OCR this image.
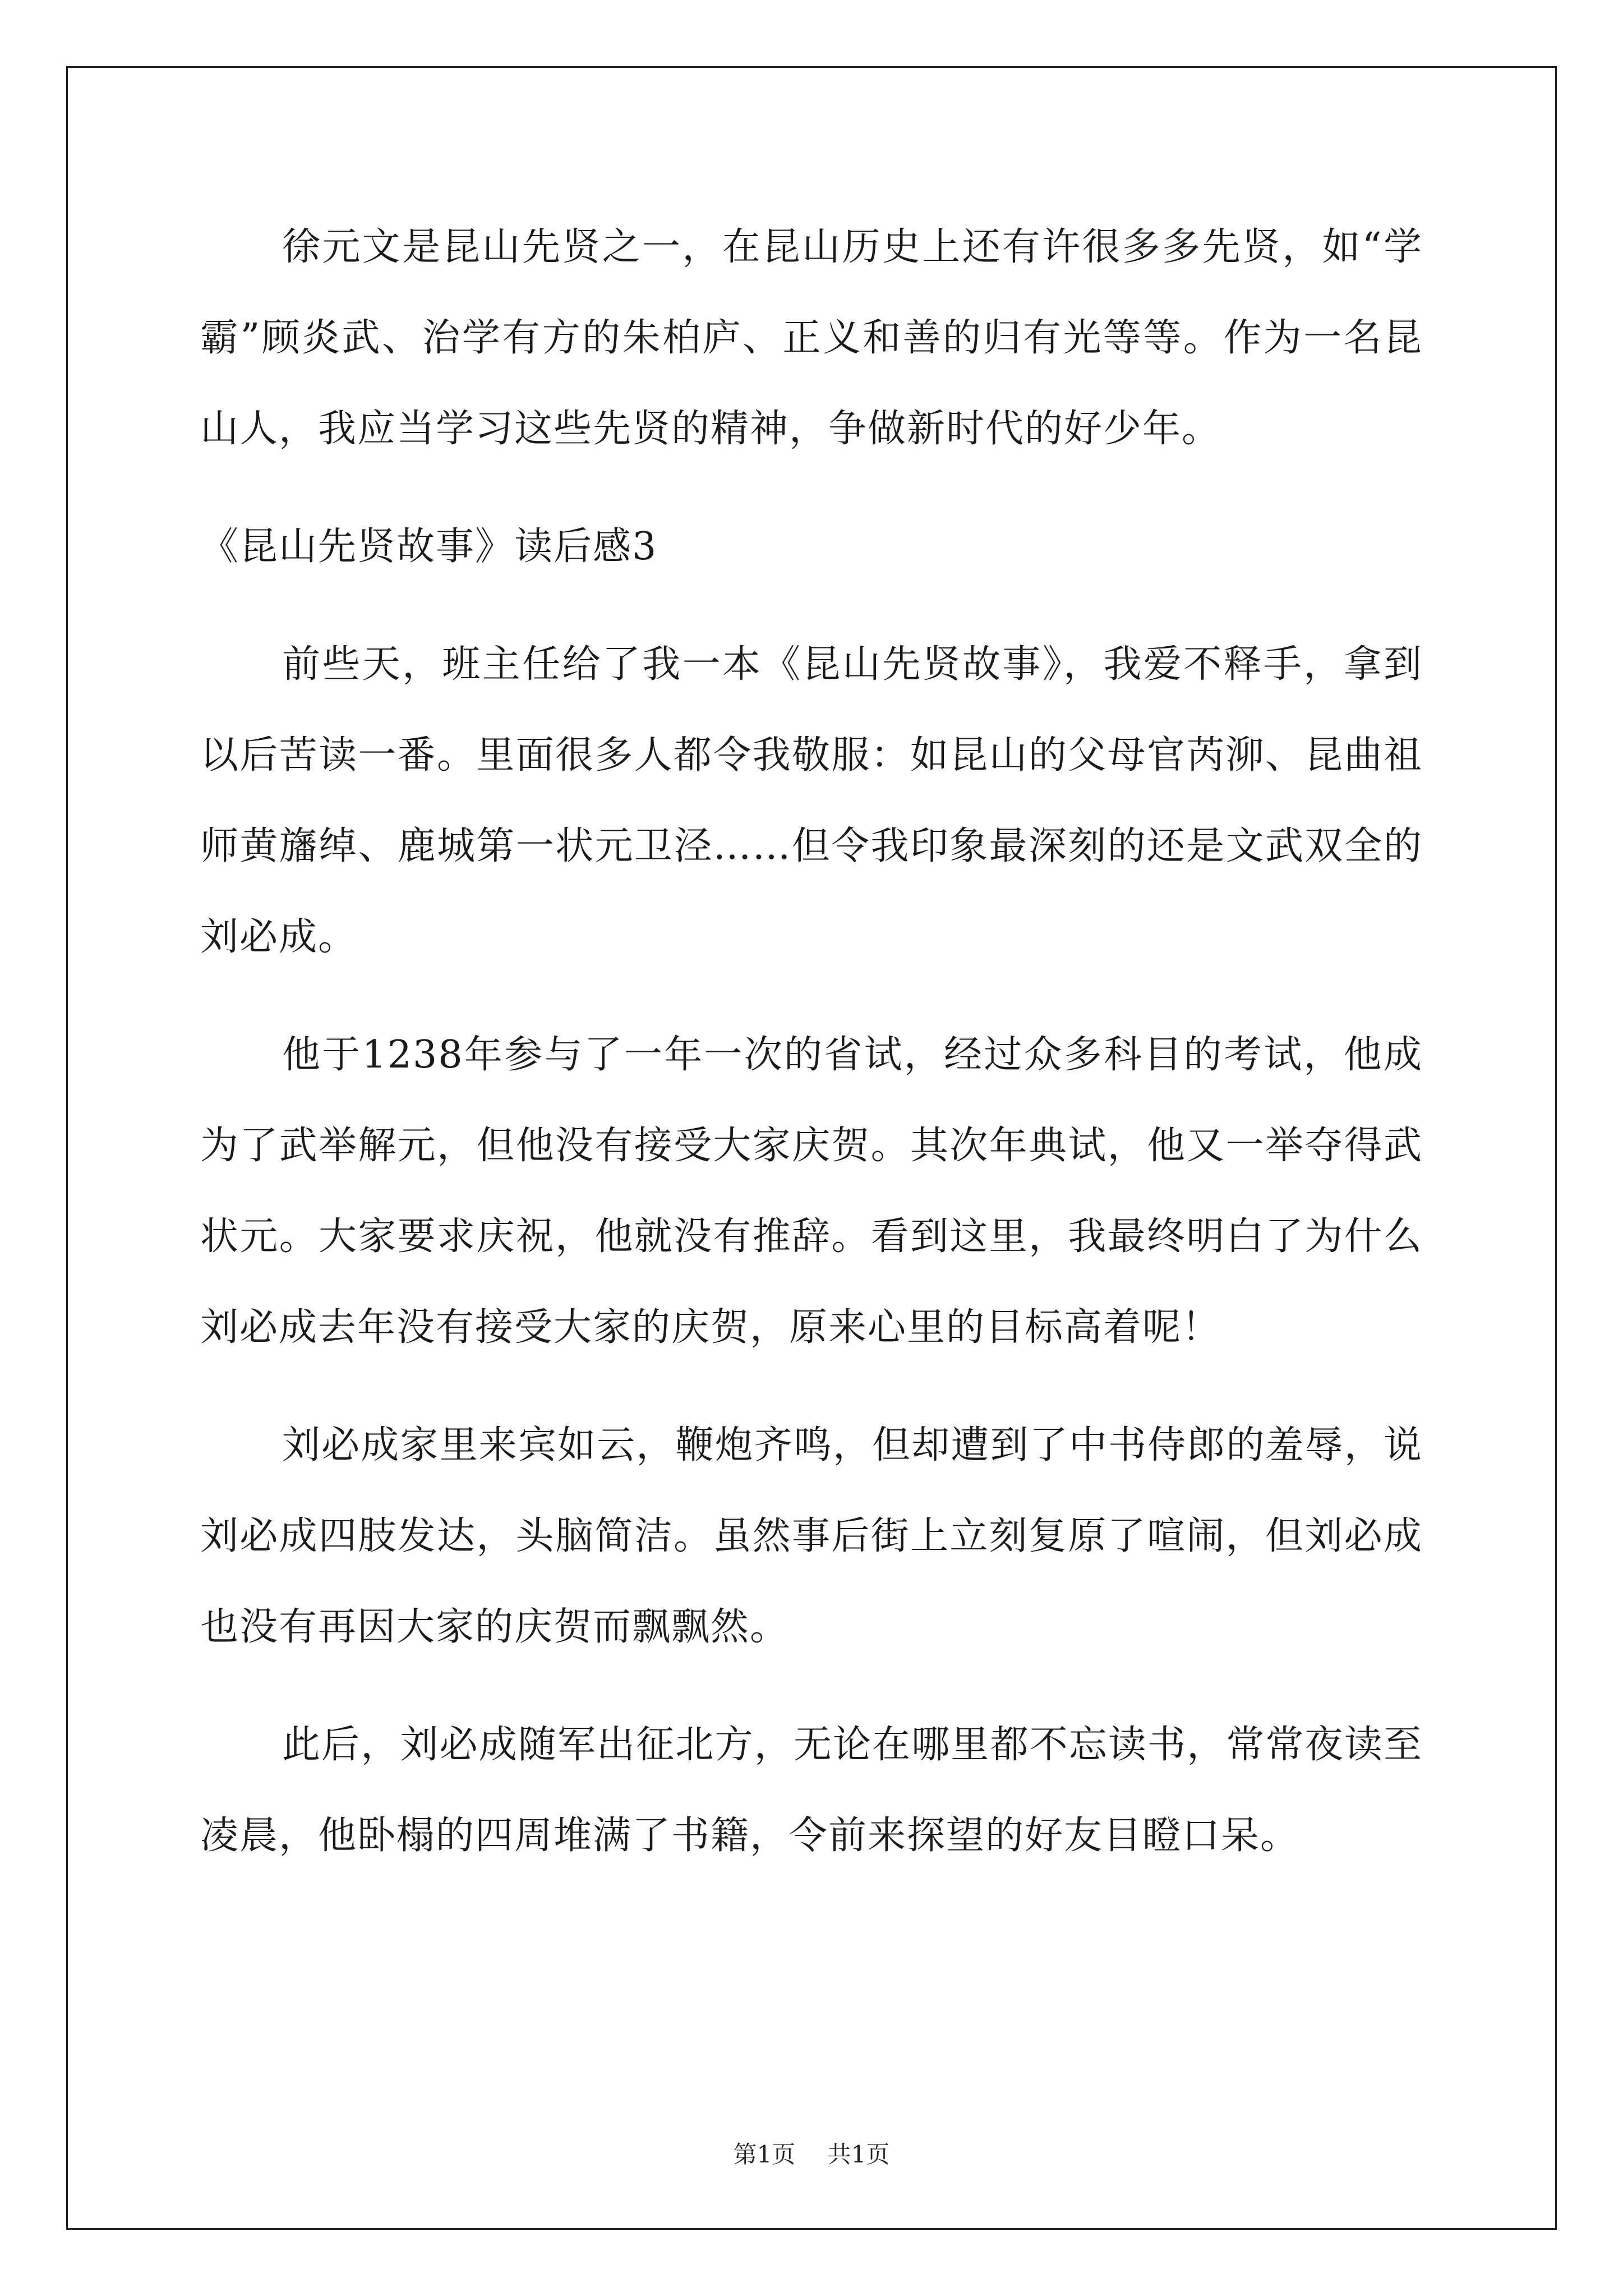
徐元文是昆山先贤之一，在昆山历史上还有许很多多先贤，如“学霸”顾炎武、治学有方的朱柏庐、正义和善的归有光等等。作为一名昆山人，我应当学习这些先贤的精神，争做新时代的好少年。

《昆山先贤故事》读后感3

前些天，班主任给了我一本《昆山先贤故事》，我爱不释手，拿到以后苦读一番。里面很多人都令我敬服：如昆山的父母官芮泖、昆曲祖师黄旛绰、鹿城第一状元卫泾……但令我印象最深刻的还是文武双全的刘必成。

他于1238年参与了一年一次的省试，经过众多科目的考试，他成为了武举解元，但他没有接受大家庆贺。其次年典试，他又一举夺得武状元。大家要求庆祝，他就没有推辞。看到这里，我最终明白了为什么刘必成去年没有接受大家的庆贺，原来心里的目标高着呢！

刘必成家里来宾如云，鞭炮齐鸣，但却遭到了中书侍郎的羞辱，说刘必成四肢发达，头脑简洁。虽然事后街上立刻复原了喧闹，但刘必成也没有再因大家的庆贺而飘飘然。

此后，刘必成随军出征北方，无论在哪里都不忘读书，常常夜读至凌晨，他卧榻的四周堆满了书籍，令前来探望的好友目瞪口呆。

第1页 共1页
